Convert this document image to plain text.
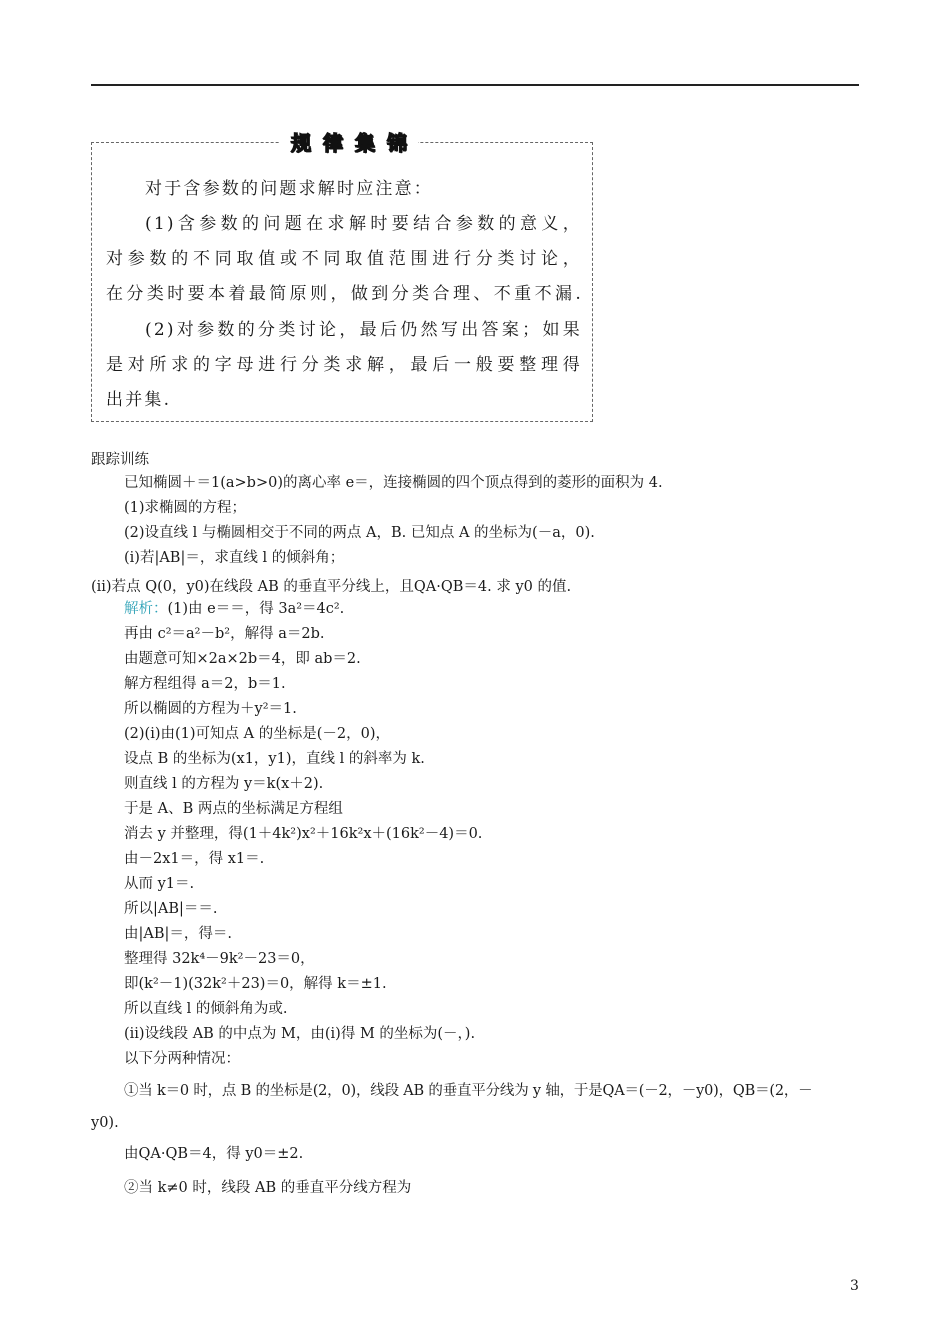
规 律 集 锦
对于含参数的问题求解时应注意：
(1)含参数的问题在求解时要结合参数的意义，
对参数的不同取值或不同取值范围进行分类讨论，
在分类时要本着最简原则，做到分类合理、不重不漏.
(2)对参数的分类讨论，最后仍然写出答案；如果
是对所求的字母进行分类求解，最后一般要整理得
出并集.
跟踪训练
已知椭圆＋＝1(a>b>0)的离心率 e＝，连接椭圆的四个顶点得到的菱形的面积为 4.
(1)求椭圆的方程；
(2)设直线 l 与椭圆相交于不同的两点 A，B. 已知点 A 的坐标为(－a，0).
(i)若|AB|＝，求直线 l 的倾斜角；
(ii)若点 Q(0，y0)在线段 AB 的垂直平分线上，且QA·QB＝4. 求 y0 的值.
解析：(1)由 e＝＝，得 3a²＝4c².
再由 c²＝a²－b²，解得 a＝2b.
由题意可知×2a×2b＝4，即 ab＝2.
解方程组得 a＝2，b＝1.
所以椭圆的方程为＋y²＝1.
(2)(i)由(1)可知点 A 的坐标是(－2，0)，
设点 B 的坐标为(x1，y1)，直线 l 的斜率为 k.
则直线 l 的方程为 y＝k(x＋2).
于是 A、B 两点的坐标满足方程组
消去 y 并整理，得(1＋4k²)x²＋16k²x＋(16k²－4)＝0.
由－2x1＝，得 x1＝.
从而 y1＝.
所以|AB|＝＝.
由|AB|＝，得＝.
整理得 32k⁴－9k²－23＝0，
即(k²－1)(32k²＋23)＝0，解得 k＝±1.
所以直线 l 的倾斜角为或.
(ii)设线段 AB 的中点为 M，由(i)得 M 的坐标为(－，).
以下分两种情况：
①当 k＝0 时，点 B 的坐标是(2，0)，线段 AB 的垂直平分线为 y 轴，于是QA＝(－2，－y0)，QB＝(2，－
y0).
由QA·QB＝4，得 y0＝±2.
②当 k≠0 时，线段 AB 的垂直平分线方程为
3
